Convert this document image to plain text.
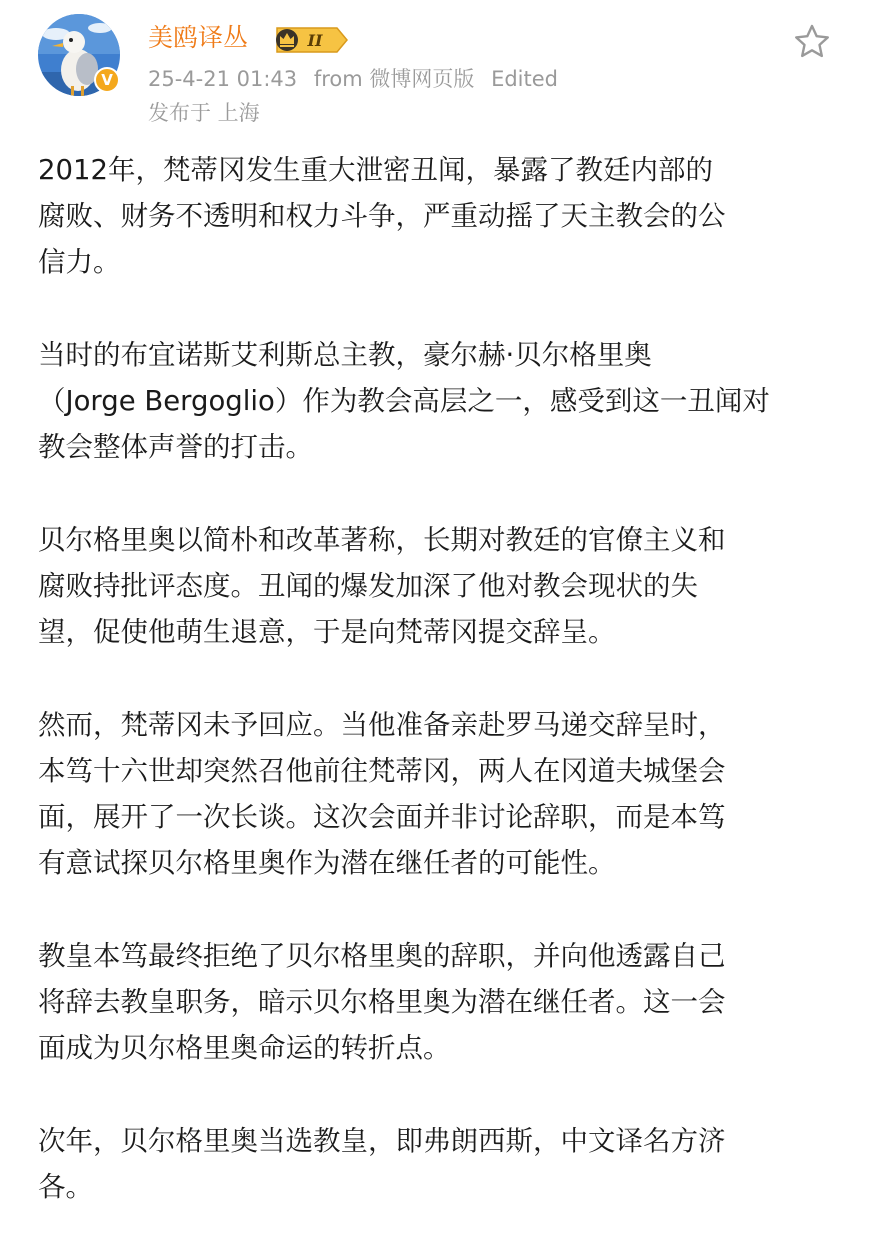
V
美鸥译丛	II
25-4-21 01:43 from 微博网页版 Edited
发布于 上海

2012年，梵蒂冈发生重大泄密丑闻，暴露了教廷内部的
腐败、财务不透明和权力斗争，严重动摇了天主教会的公
信力。

当时的布宜诺斯艾利斯总主教，豪尔赫·贝尔格里奥
（Jorge Bergoglio）作为教会高层之一，感受到这一丑闻对
教会整体声誉的打击。

贝尔格里奥以简朴和改革著称，长期对教廷的官僚主义和
腐败持批评态度。丑闻的爆发加深了他对教会现状的失
望，促使他萌生退意，于是向梵蒂冈提交辞呈。

然而，梵蒂冈未予回应。当他准备亲赴罗马递交辞呈时，
本笃十六世却突然召他前往梵蒂冈，两人在冈道夫城堡会
面，展开了一次长谈。这次会面并非讨论辞职，而是本笃
有意试探贝尔格里奥作为潜在继任者的可能性。

教皇本笃最终拒绝了贝尔格里奥的辞职，并向他透露自己
将辞去教皇职务，暗示贝尔格里奥为潜在继任者。这一会
面成为贝尔格里奥命运的转折点。

次年，贝尔格里奥当选教皇，即弗朗西斯，中文译名方济
各。
